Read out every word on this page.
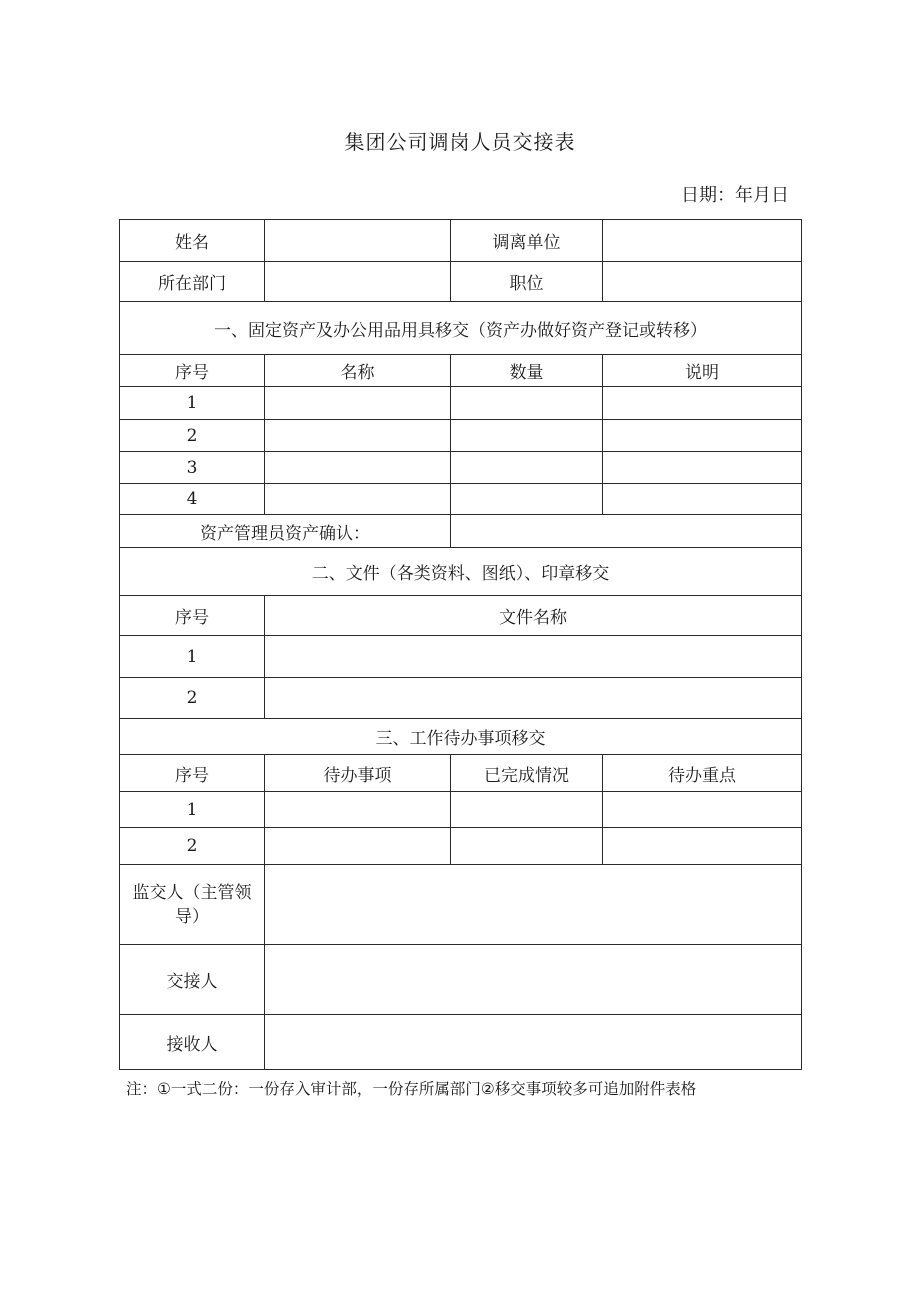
集团公司调岗人员交接表
日期：年月日
姓名		调离单位	
所在部门		职位	
一、固定资产及办公用品用具移交（资产办做好资产登记或转移）			
序号	名称	数量	说明
1			
2			
3			
4			
资产管理员资产确认：			
二、文件（各类资料、图纸）、印章移交			
序号	文件名称		
1			
2			
三、工作待办事项移交			
序号	待办事项	已完成情况	待办重点
1			
2			
监交人（主管领导）			
交接人			
接收人			
注：①一式二份：一份存入审计部，一份存所属部门②移交事项较多可追加附件表格
